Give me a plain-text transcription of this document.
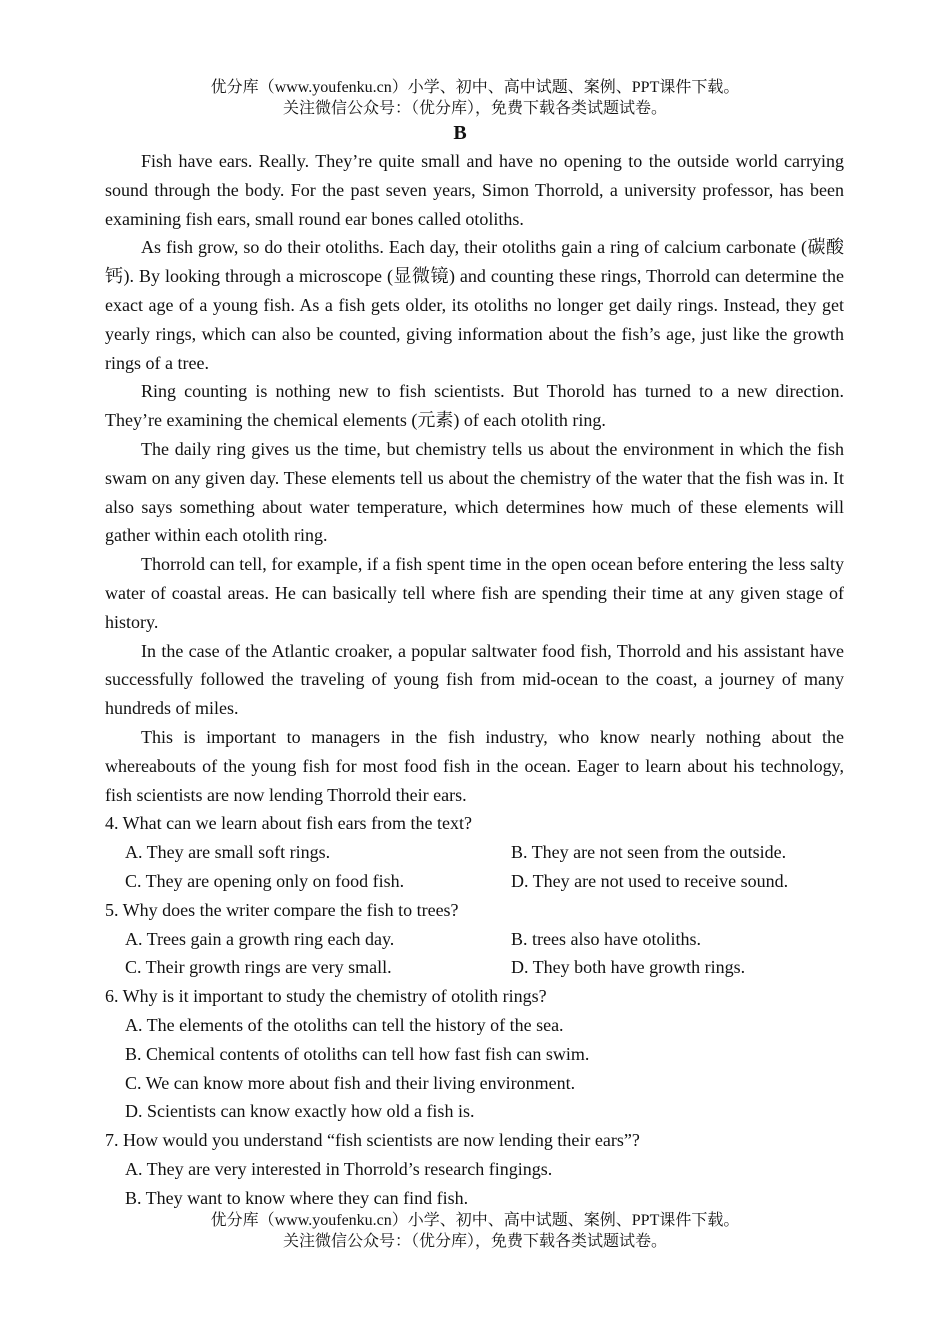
优分库（www.youfenku.cn）小学、初中、高中试题、案例、PPT课件下载。
关注微信公众号：（优分库），免费下载各类试题试卷。
B

Fish have ears. Really. They’re quite small and have no opening to the outside world carrying sound through the body. For the past seven years, Simon Thorrold, a university professor, has been examining fish ears, small round ear bones called otoliths.

As fish grow, so do their otoliths. Each day, their otoliths gain a ring of calcium carbonate (碳酸钙). By looking through a microscope (显微镜) and counting these rings, Thorrold can determine the exact age of a young fish. As a fish gets older, its otoliths no longer get daily rings. Instead, they get yearly rings, which can also be counted, giving information about the fish’s age, just like the growth rings of a tree.

Ring counting is nothing new to fish scientists. But Thorold has turned to a new direction. They’re examining the chemical elements (元素) of each otolith ring.

The daily ring gives us the time, but chemistry tells us about the environment in which the fish swam on any given day. These elements tell us about the chemistry of the water that the fish was in. It also says something about water temperature, which determines how much of these elements will gather within each otolith ring.

Thorrold can tell, for example, if a fish spent time in the open ocean before entering the less salty water of coastal areas. He can basically tell where fish are spending their time at any given stage of history.

In the case of the Atlantic croaker, a popular saltwater food fish, Thorrold and his assistant have successfully followed the traveling of young fish from mid-ocean to the coast, a journey of many hundreds of miles.

This is important to managers in the fish industry, who know nearly nothing about the whereabouts of the young fish for most food fish in the ocean. Eager to learn about his technology, fish scientists are now lending Thorrold their ears.

4. What can we learn about fish ears from the text?

A. They are small soft rings.	B. They are not seen from the outside.
C. They are opening only on food fish.	D. They are not used to receive sound.

5. Why does the writer compare the fish to trees?

A. Trees gain a growth ring each day.	B. trees also have otoliths.
C. Their growth rings are very small.	D. They both have growth rings.

6. Why is it important to study the chemistry of otolith rings?

A. The elements of the otoliths can tell the history of the sea.
B. Chemical contents of otoliths can tell how fast fish can swim.
C. We can know more about fish and their living environment.
D. Scientists can know exactly how old a fish is.

7. How would you understand “fish scientists are now lending their ears”?

A. They are very interested in Thorrold’s research fingings.
B. They want to know where they can find fish.
优分库（www.youfenku.cn）小学、初中、高中试题、案例、PPT课件下载。
关注微信公众号：（优分库），免费下载各类试题试卷。
